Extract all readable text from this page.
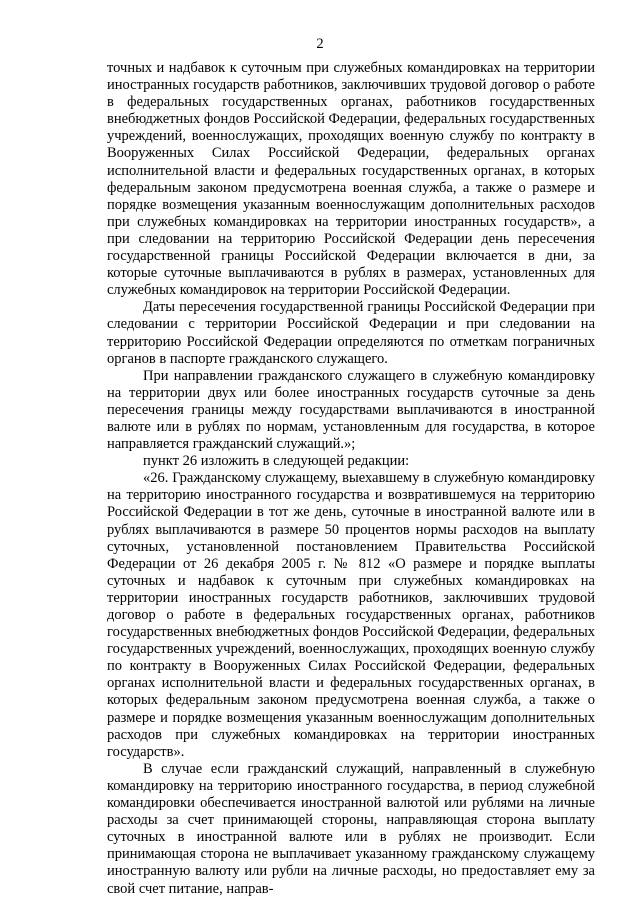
2

точных и надбавок к суточным при служебных командировках на территории иностранных государств работников, заключивших трудовой договор о работе в федеральных государственных органах, работников государственных внебюджетных фондов Российской Федерации, федеральных государственных учреждений, военнослужащих, проходящих военную службу по контракту в Вооруженных Силах Российской Федерации, федеральных органах исполнительной власти и федеральных государственных органах, в которых федеральным законом предусмотрена военная служба, а также о размере и порядке возмещения указанным военнослужащим дополнительных расходов при служебных командировках на территории иностранных государств», а при следовании на территорию Российской Федерации день пересечения государственной границы Российской Федерации включается в дни, за которые суточные выплачиваются в рублях в размерах, установленных для служебных командировок на территории Российской Федерации.

Даты пересечения государственной границы Российской Федерации при следовании с территории Российской Федерации и при следовании на территорию Российской Федерации определяются по отметкам пограничных органов в паспорте гражданского служащего.

При направлении гражданского служащего в служебную командировку на территории двух или более иностранных государств суточные за день пересечения границы между государствами выплачиваются в иностранной валюте или в рублях по нормам, установленным для государства, в которое направляется гражданский служащий.»;

пункт 26 изложить в следующей редакции:

«26. Гражданскому служащему, выехавшему в служебную командировку на территорию иностранного государства и возвратившемуся на территорию Российской Федерации в тот же день, суточные в иностранной валюте или в рублях выплачиваются в размере 50 процентов нормы расходов на выплату суточных, установленной постановлением Правительства Российской Федерации от 26 декабря 2005 г. № 812 «О размере и порядке выплаты суточных и надбавок к суточным при служебных командировках на территории иностранных государств работников, заключивших трудовой договор о работе в федеральных государственных органах, работников государственных внебюджетных фондов Российской Федерации, федеральных государственных учреждений, военнослужащих, проходящих военную службу по контракту в Вооруженных Силах Российской Федерации, федеральных органах исполнительной власти и федеральных государственных органах, в которых федеральным законом предусмотрена военная служба, а также о размере и порядке возмещения указанным военнослужащим дополнительных расходов при служебных командировках на территории иностранных государств».

В случае если гражданский служащий, направленный в служебную командировку на территорию иностранного государства, в период служебной командировки обеспечивается иностранной валютой или рублями на личные расходы за счет принимающей стороны, направляющая сторона выплату суточных в иностранной валюте или в рублях не производит. Если принимающая сторона не выплачивает указанному гражданскому служащему иностранную валюту или рубли на личные расходы, но предоставляет ему за свой счет питание, направ-
